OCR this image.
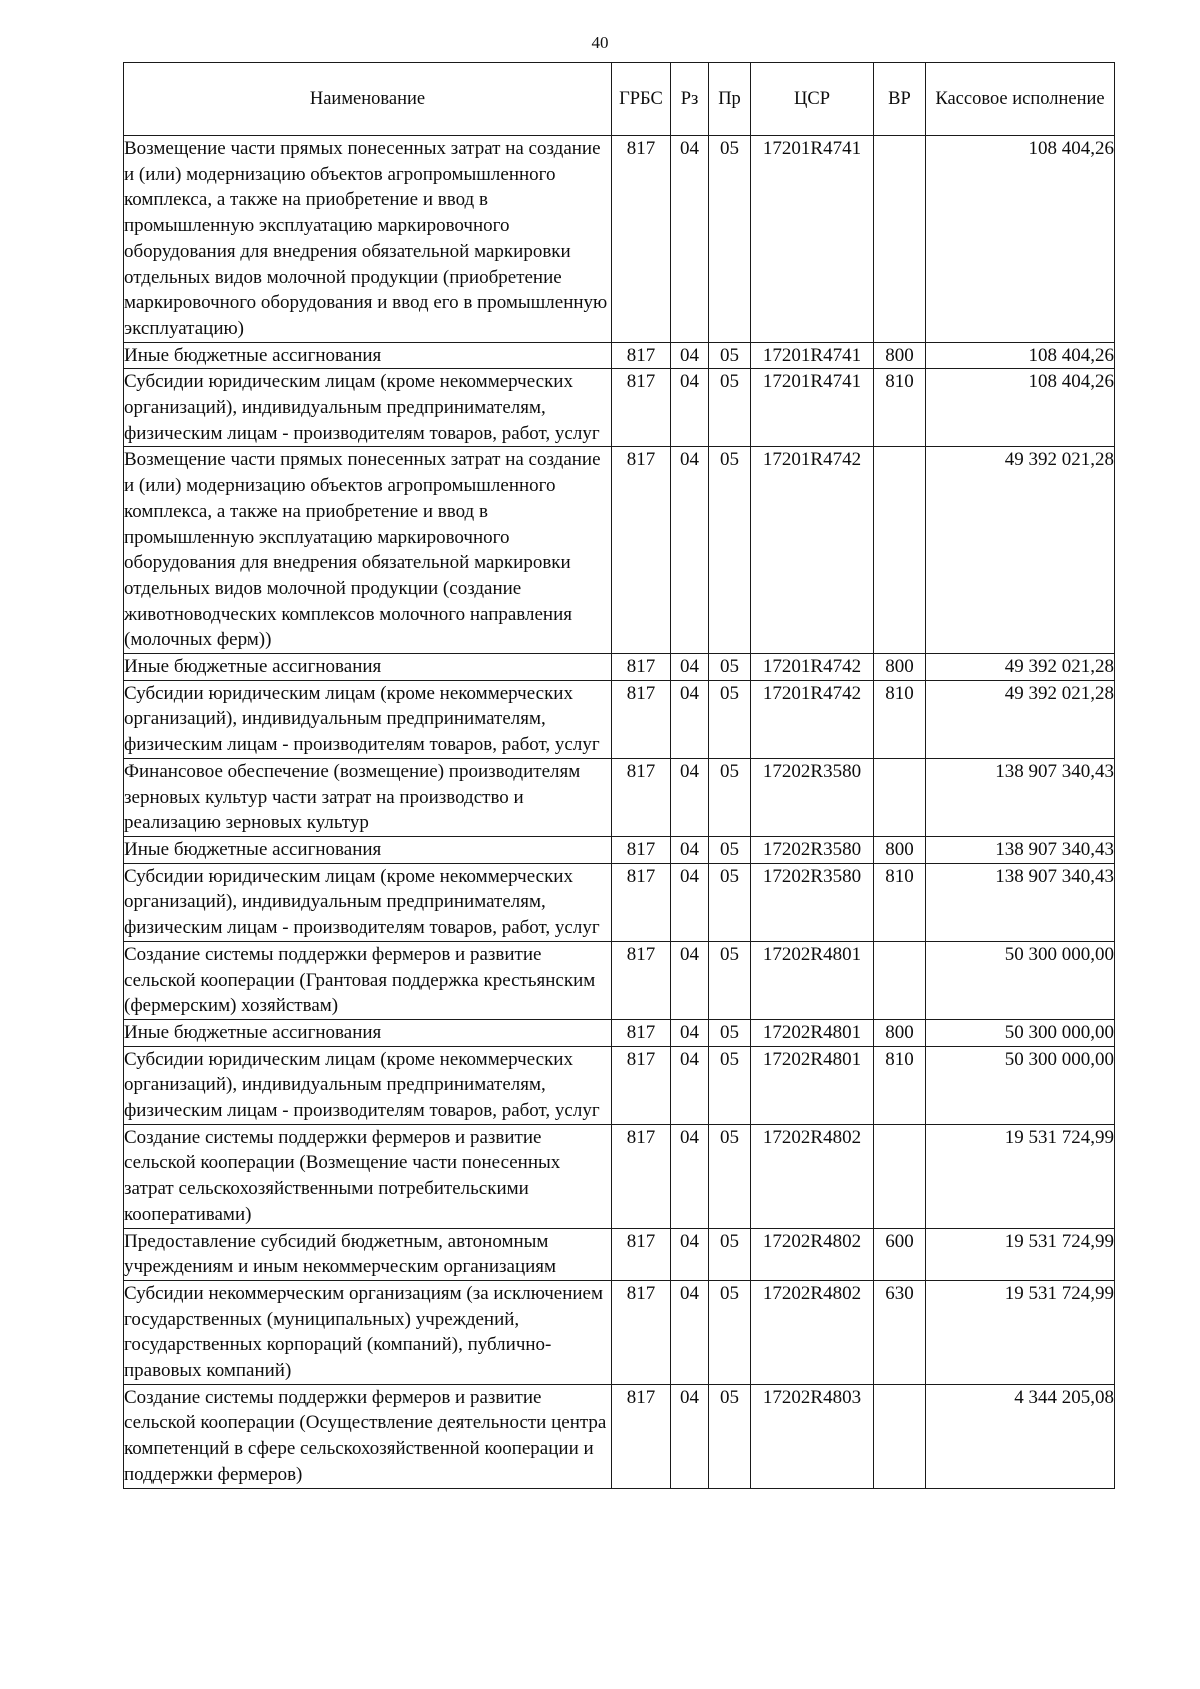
40
Наименование	ГРБС	Рз	Пр	ЦСР	ВР	Кассовое исполнение
Возмещение части прямых понесенных затрат на создание и (или) модернизацию объектов агропромышленного комплекса, а также на приобретение и ввод в промышленную эксплуатацию маркировочного оборудования для внедрения обязательной маркировки отдельных видов молочной продукции (приобретение маркировочного оборудования и ввод его в промышленную эксплуатацию)	817	04	05	17201R4741		108 404,26
Иные бюджетные ассигнования	817	04	05	17201R4741	800	108 404,26
Субсидии юридическим лицам (кроме некоммерческих организаций), индивидуальным предпринимателям, физическим лицам - производителям товаров, работ, услуг	817	04	05	17201R4741	810	108 404,26
Возмещение части прямых понесенных затрат на создание и (или) модернизацию объектов агропромышленного комплекса, а также на приобретение и ввод в промышленную эксплуатацию маркировочного оборудования для внедрения обязательной маркировки отдельных видов молочной продукции (создание животноводческих комплексов молочного направления (молочных ферм))	817	04	05	17201R4742		49 392 021,28
Иные бюджетные ассигнования	817	04	05	17201R4742	800	49 392 021,28
Субсидии юридическим лицам (кроме некоммерческих организаций), индивидуальным предпринимателям, физическим лицам - производителям товаров, работ, услуг	817	04	05	17201R4742	810	49 392 021,28
Финансовое обеспечение (возмещение) производителям зерновых культур части затрат на производство и реализацию зерновых культур	817	04	05	17202R3580		138 907 340,43
Иные бюджетные ассигнования	817	04	05	17202R3580	800	138 907 340,43
Субсидии юридическим лицам (кроме некоммерческих организаций), индивидуальным предпринимателям, физическим лицам - производителям товаров, работ, услуг	817	04	05	17202R3580	810	138 907 340,43
Создание системы поддержки фермеров и развитие сельской кооперации (Грантовая поддержка крестьянским (фермерским) хозяйствам)	817	04	05	17202R4801		50 300 000,00
Иные бюджетные ассигнования	817	04	05	17202R4801	800	50 300 000,00
Субсидии юридическим лицам (кроме некоммерческих организаций), индивидуальным предпринимателям, физическим лицам - производителям товаров, работ, услуг	817	04	05	17202R4801	810	50 300 000,00
Создание системы поддержки фермеров и развитие сельской кооперации (Возмещение части понесенных затрат сельскохозяйственными потребительскими кооперативами)	817	04	05	17202R4802		19 531 724,99
Предоставление субсидий бюджетным, автономным учреждениям и иным некоммерческим организациям	817	04	05	17202R4802	600	19 531 724,99
Субсидии некоммерческим организациям (за исключением государственных (муниципальных) учреждений, государственных корпораций (компаний), публично-правовых компаний)	817	04	05	17202R4802	630	19 531 724,99
Создание системы поддержки фермеров и развитие сельской кооперации (Осуществление деятельности центра компетенций в сфере сельскохозяйственной кооперации и поддержки фермеров)	817	04	05	17202R4803		4 344 205,08
